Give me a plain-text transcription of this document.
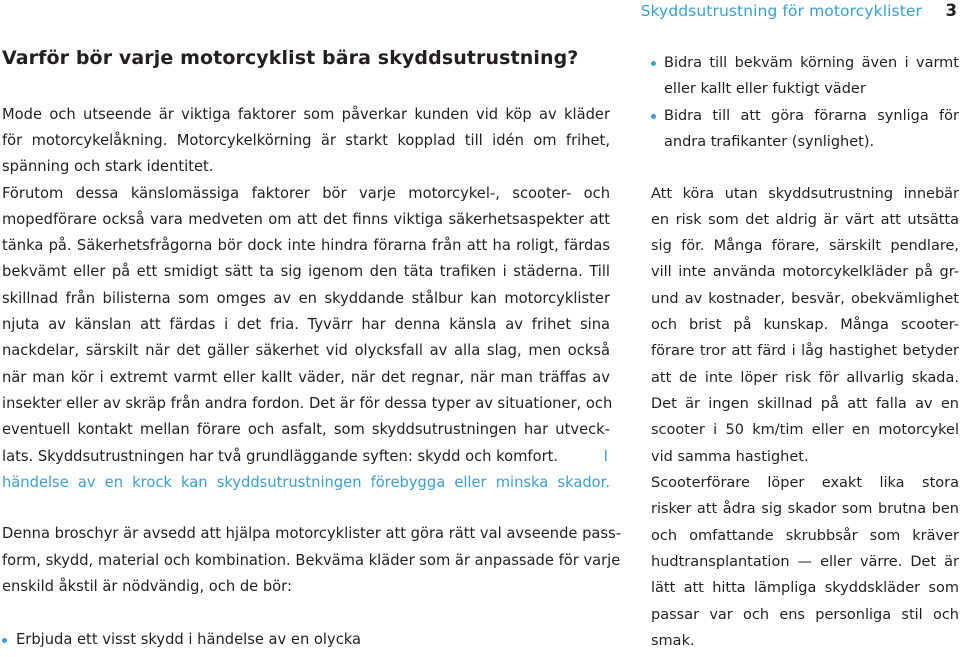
Skyddsutrustning för motorcyklister 3
Varför bör varje motorcyklist bära skyddsutrustning?
Mode och utseende är viktiga faktorer som påverkar kunden vid köp av kläder
för motorcykelåkning. Motorcykelkörning är starkt kopplad till idén om frihet,
spänning och stark identitet.
Förutom dessa känslomässiga faktorer bör varje motorcykel-, scooter- och
mopedförare också vara medveten om att det finns viktiga säkerhetsaspekter att
tänka på. Säkerhetsfrågorna bör dock inte hindra förarna från att ha roligt, färdas
bekvämt eller på ett smidigt sätt ta sig igenom den täta trafiken i städerna. Till
skillnad från bilisterna som omges av en skyddande stålbur kan motorcyklister
njuta av känslan att färdas i det fria. Tyvärr har denna känsla av frihet sina
nackdelar, särskilt när det gäller säkerhet vid olycksfall av alla slag, men också
när man kör i extremt varmt eller kallt väder, när det regnar, när man träffas av
insekter eller av skräp från andra fordon. Det är för dessa typer av situationer, och
eventuell kontakt mellan förare och asfalt, som skyddsutrustningen har utveck-
lats. Skyddsutrustningen har två grundläggande syften: skydd och komfort.	I
händelse av en krock kan skyddsutrustningen förebygga eller minska skador.
Denna broschyr är avsedd att hjälpa motorcyklister att göra rätt val avseende pass-
form, skydd, material och kombination. Bekväma kläder som är anpassade för varje
enskild åkstil är nödvändig, och de bör:
Erbjuda ett visst skydd i händelse av en olycka
Bidra till bekväm körning även i varmt
eller kallt eller fuktigt väder
Bidra till att göra förarna synliga för
andra trafikanter (synlighet).
Att köra utan skyddsutrustning innebär
en risk som det aldrig är värt att utsätta
sig för. Många förare, särskilt pendlare,
vill inte använda motorcykelkläder på gr-
und av kostnader, besvär, obekvämlighet
och brist på kunskap. Många scooter-
förare tror att färd i låg hastighet betyder
att de inte löper risk för allvarlig skada.
Det är ingen skillnad på att falla av en
scooter i 50 km/tim eller en motorcykel
vid samma hastighet.
Scooterförare löper exakt lika stora
risker att ådra sig skador som brutna ben
och omfattande skrubbsår som kräver
hudtransplantation — eller värre. Det är
lätt att hitta lämpliga skyddskläder som
passar var och ens personliga stil och
smak.
